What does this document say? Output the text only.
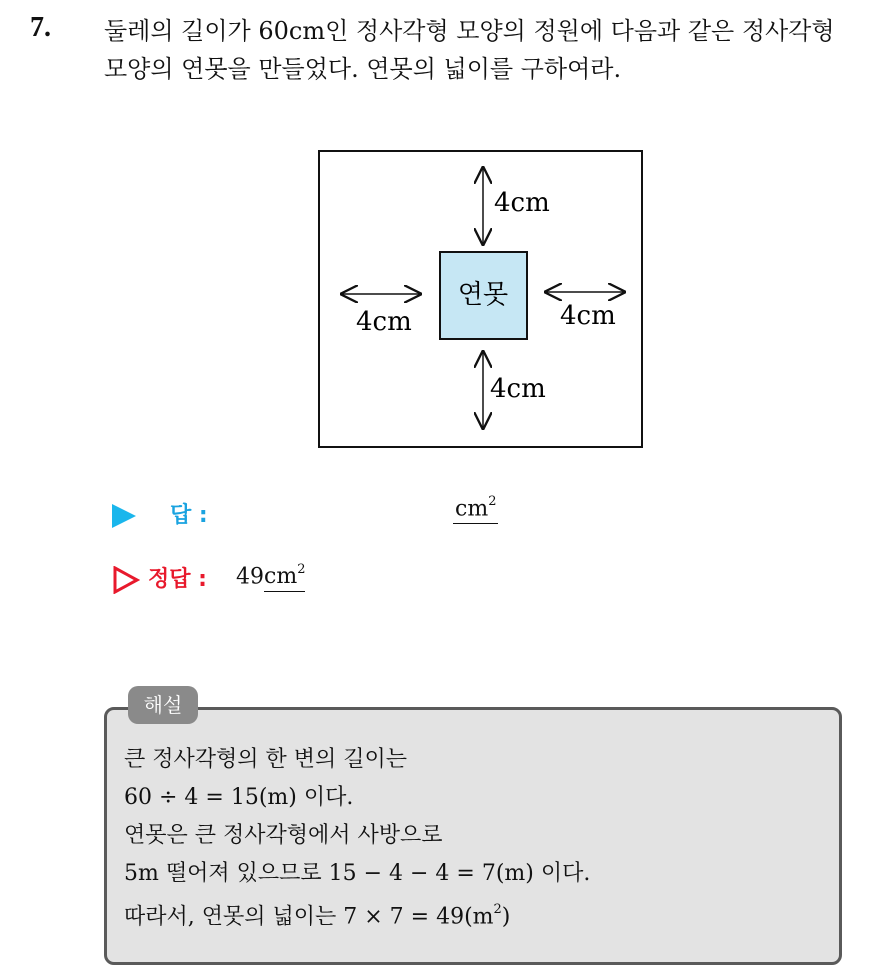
7. 둘레의 길이가 60cm인 정사각형 모양의 정원에 다음과 같은 정사각형
모양의 연못을 만들었다. 연못의 넓이를 구하여라.
연못
4cm
4cm	4cm
4cm
답 :	$cm^2$
정답 : $49cm^2$
해설
큰 정사각형의 한 변의 길이는
60 ÷ 4 = 15(m) 이다.
연못은 큰 정사각형에서 사방으로
5m 떨어져 있으므로 15 − 4 − 4 = 7(m) 이다.
따라서, 연못의 넓이는 $7 \times 7 = 49(m^2)$
